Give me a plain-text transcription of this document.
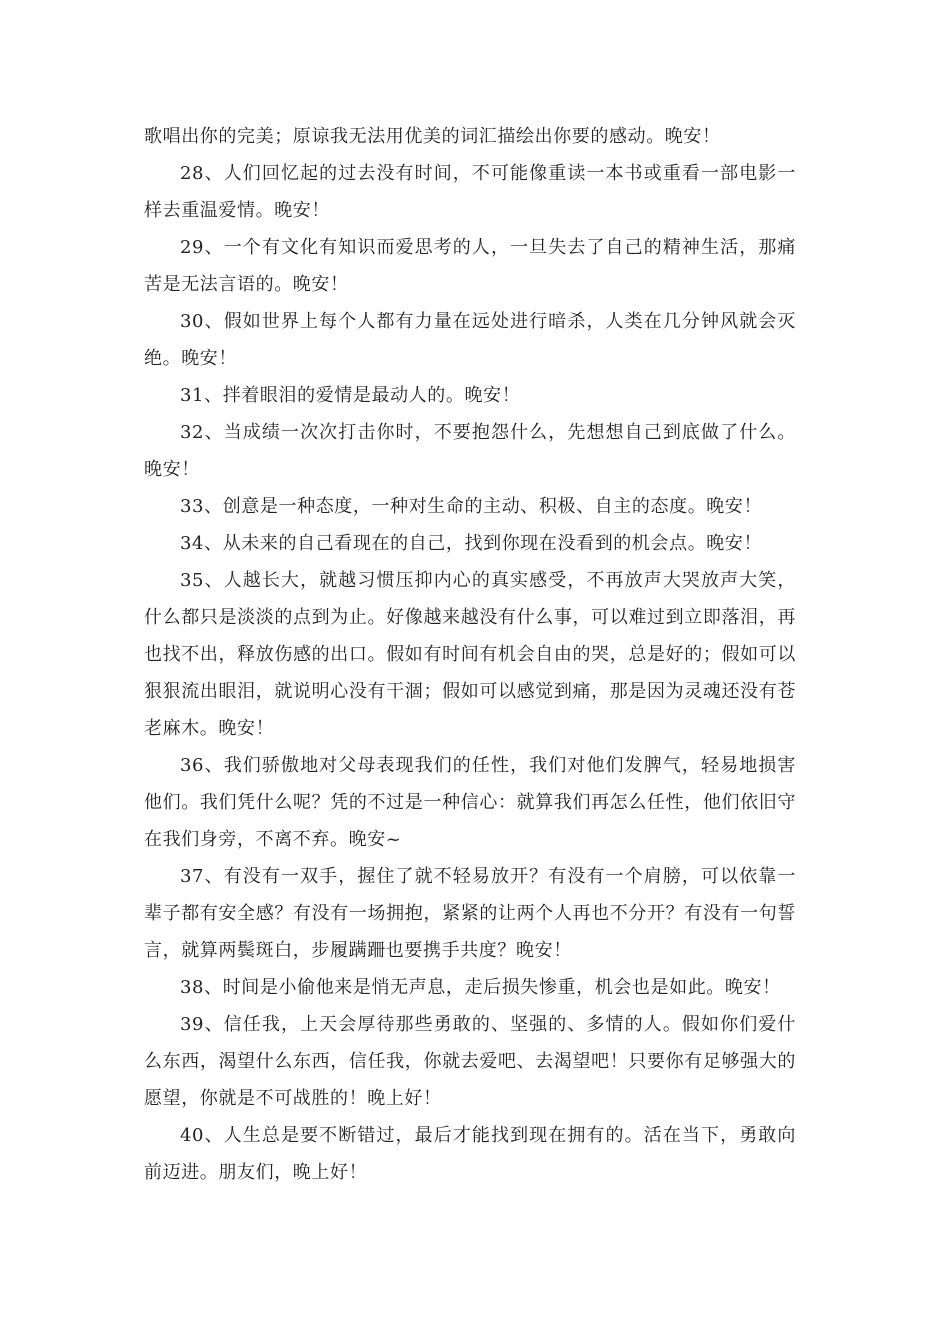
歌唱出你的完美；原谅我无法用优美的词汇描绘出你要的感动。晚安！

28、人们回忆起的过去没有时间，不可能像重读一本书或重看一部电影一样去重温爱情。晚安！

29、一个有文化有知识而爱思考的人，一旦失去了自己的精神生活，那痛苦是无法言语的。晚安！

30、假如世界上每个人都有力量在远处进行暗杀，人类在几分钟风就会灭绝。晚安！

31、拌着眼泪的爱情是最动人的。晚安！

32、当成绩一次次打击你时，不要抱怨什么，先想想自己到底做了什么。晚安！

33、创意是一种态度，一种对生命的主动、积极、自主的态度。晚安！

34、从未来的自己看现在的自己，找到你现在没看到的机会点。晚安！

35、人越长大，就越习惯压抑内心的真实感受，不再放声大哭放声大笑，什么都只是淡淡的点到为止。好像越来越没有什么事，可以难过到立即落泪，再也找不出，释放伤感的出口。假如有时间有机会自由的哭，总是好的；假如可以狠狠流出眼泪，就说明心没有干涸；假如可以感觉到痛，那是因为灵魂还没有苍老麻木。晚安！

36、我们骄傲地对父母表现我们的任性，我们对他们发脾气，轻易地损害他们。我们凭什么呢？凭的不过是一种信心：就算我们再怎么任性，他们依旧守在我们身旁，不离不弃。晚安~

37、有没有一双手，握住了就不轻易放开？有没有一个肩膀，可以依靠一辈子都有安全感？有没有一场拥抱，紧紧的让两个人再也不分开？有没有一句誓言，就算两鬓斑白，步履蹒跚也要携手共度？晚安！

38、时间是小偷他来是悄无声息，走后损失惨重，机会也是如此。晚安！

39、信任我，上天会厚待那些勇敢的、坚强的、多情的人。假如你们爱什么东西，渴望什么东西，信任我，你就去爱吧、去渴望吧！只要你有足够强大的愿望，你就是不可战胜的！晚上好！

40、人生总是要不断错过，最后才能找到现在拥有的。活在当下，勇敢向前迈进。朋友们，晚上好！
